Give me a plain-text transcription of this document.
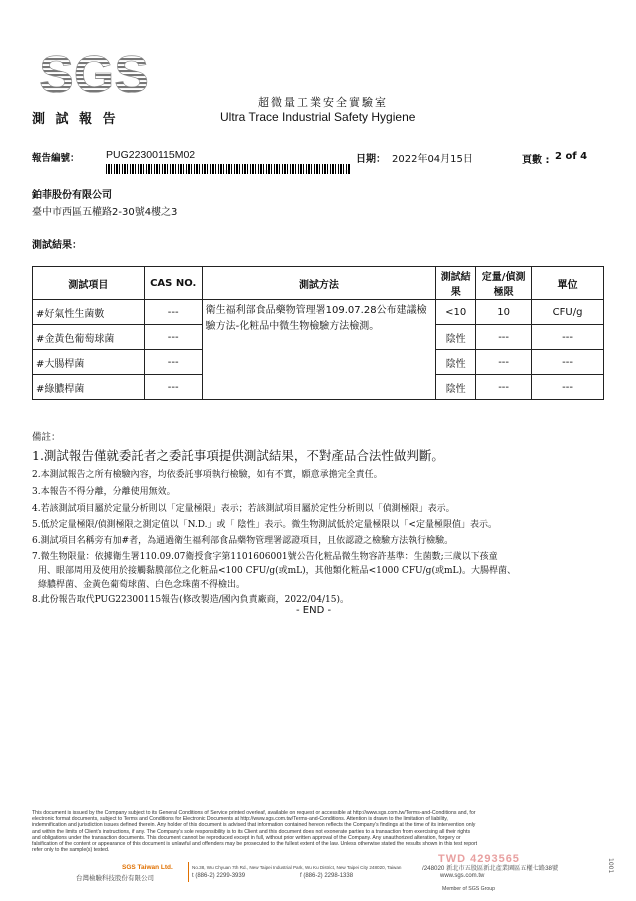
SGS
測 試 報 告
超微量工業安全實驗室
Ultra Trace Industrial Safety Hygiene
報告編號：	PUG22300115M02	日期： 2022年04月15日	頁數 : 2 of 4
鉑菲股份有限公司
臺中市西區五權路2-30號4樓之3
測試結果：
測試項目	CAS NO.	測試方法	測試結果	定量/偵測極限	單位
#好氣性生菌數	---	衛生福利部食品藥物管理署109.07.28公布建議檢驗方法-化粧品中微生物檢驗方法檢測。	<10	10	CFU/g
#金黃色葡萄球菌	---		陰性	---	---
#大腸桿菌	---		陰性	---	---
#綠膿桿菌	---		陰性	---	---
備註：
1.測試報告僅就委託者之委託事項提供測試結果，不對產品合法性做判斷。
2.本測試報告之所有檢驗內容，均依委託事項執行檢驗，如有不實，願意承擔完全責任。
3.本報告不得分離，分離使用無效。
4.若該測試項目屬於定量分析則以「定量極限」表示；若該測試項目屬於定性分析則以「偵測極限」表示。
5.低於定量極限/偵測極限之測定值以「N.D.」或「 陰性」表示。微生物測試低於定量極限以「<定量極限值」表示。
6.測試項目名稱旁有加#者，為通過衛生福利部食品藥物管理署認證項目，且依認證之檢驗方法執行檢驗。
7.微生物限量：依據衛生署110.09.07衛授食字第1101606001號公告化粧品微生物容許基準：生菌數;三歲以下孩童
用、眼部周用及使用於接觸黏膜部位之化粧品<100 CFU/g(或mL)，其他類化粧品<1000 CFU/g(或mL)。大腸桿菌、
綠膿桿菌、金黃色葡萄球菌、白色念珠菌不得檢出。
8.此份報告取代PUG22300115報告(修改製造/國內負責廠商，2022/04/15)。
- END -
This document is issued by the Company subject to its General Conditions of Service printed overleaf, available on request or accessible at http://www.sgs.com.tw/Terms-and-Conditions and, for
electronic format documents, subject to Terms and Conditions for Electronic Documents at http://www.sgs.com.tw/Terms-and-Conditions. Attention is drawn to the limitation of liability,
indemnification and jurisdiction issues defined therein. Any holder of this document is advised that information contained hereon reflects the Company's findings at the time of its intervention only
and within the limits of Client's instructions, if any. The Company's sole responsibility is to its Client and this document does not exonerate parties to a transaction from exercising all their rights
and obligations under the transaction documents. This document cannot be reproduced except in full, without prior written approval of the Company. Any unauthorized alteration, forgery or
falsification of the content or appearance of this document is unlawful and offenders may be prosecuted to the fullest extent of the law. Unless otherwise stated the results shown in this test report
refer only to the sample(s) tested.
TWD 4293565	1001
SGS Taiwan Ltd.
台灣檢驗科技股份有限公司
No.38, Wu Chyuan 7th Rd., New Taipei Industrial Park, Wu Ku District, New Taipei City 248020, Taiwan	/248020 新北市五股區新北產業園區五權七路38號
t (886-2) 2299-3939	f (886-2) 2298-1338	www.sgs.com.tw
Member of SGS Group
